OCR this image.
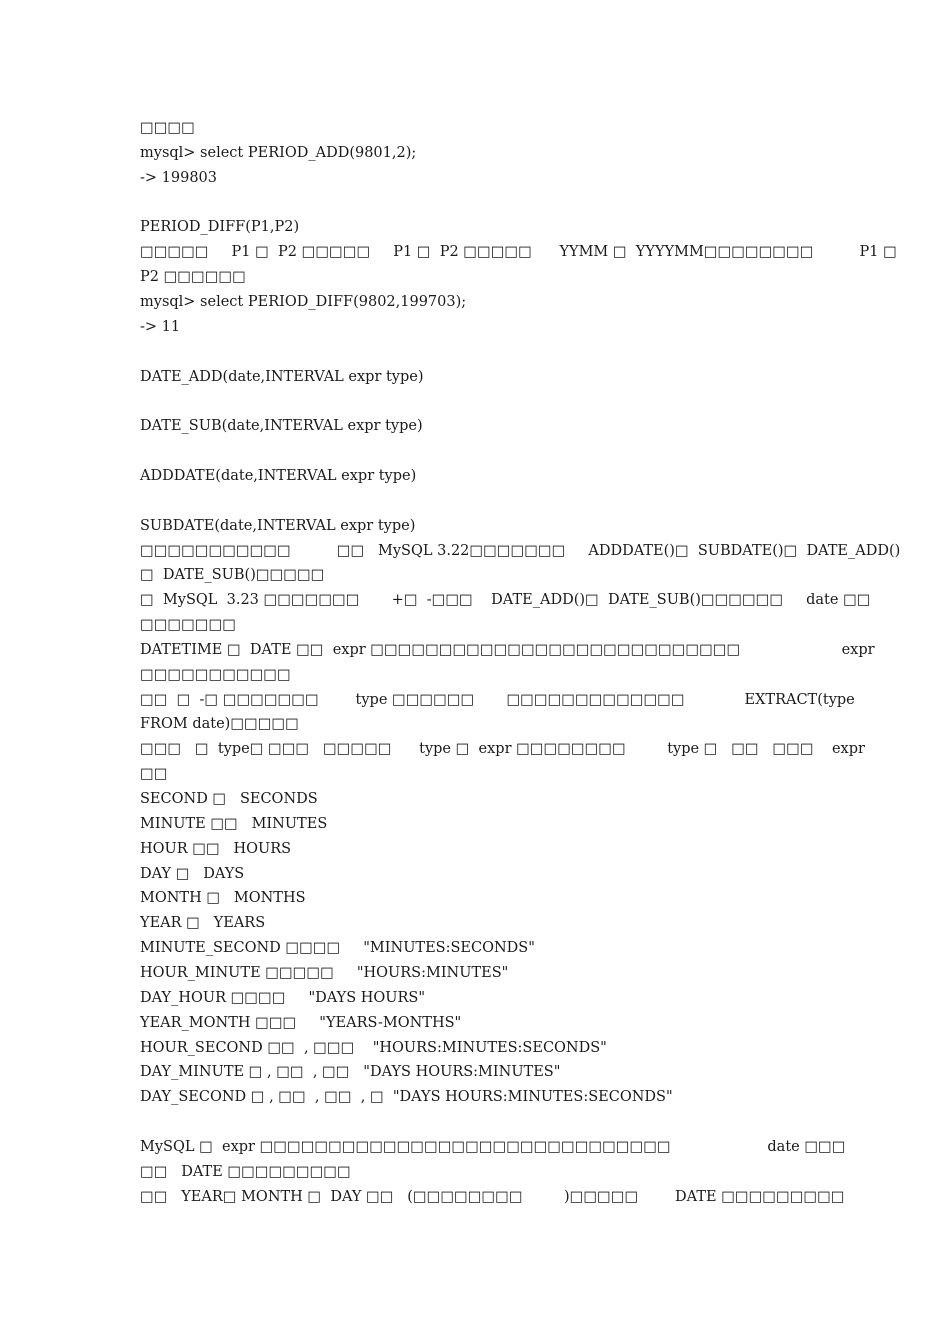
□□□□
mysql> select PERIOD_ADD(9801,2);
-> 199803
PERIOD_DIFF(P1,P2)
□□□□□     P1 □  P2 □□□□□     P1 □  P2 □□□□□      YYMM □  YYYYMM□□□□□□□□          P1 □
P2 □□□□□□
mysql> select PERIOD_DIFF(9802,199703);
-> 11
DATE_ADD(date,INTERVAL expr type)
DATE_SUB(date,INTERVAL expr type)
ADDDATE(date,INTERVAL expr type)
SUBDATE(date,INTERVAL expr type)
□□□□□□□□□□□          □□   MySQL 3.22□□□□□□□     ADDDATE()□  SUBDATE()□  DATE_ADD()
□  DATE_SUB()□□□□□
□  MySQL  3.23 □□□□□□□       +□  -□□□    DATE_ADD()□  DATE_SUB()□□□□□□     date □□
□□□□□□□
DATETIME □  DATE □□  expr □□□□□□□□□□□□□□□□□□□□□□□□□□□                      expr
□□□□□□□□□□□
□□  □  -□ □□□□□□□        type □□□□□□       □□□□□□□□□□□□□             EXTRACT(type
FROM date)□□□□□
□□□   □  type□ □□□   □□□□□      type □  expr □□□□□□□□         type □   □□   □□□    expr
□□
SECOND □   SECONDS
MINUTE □□   MINUTES
HOUR □□   HOURS
DAY □   DAYS
MONTH □   MONTHS
YEAR □   YEARS
MINUTE_SECOND □□□□     "MINUTES:SECONDS"
HOUR_MINUTE □□□□□     "HOURS:MINUTES"
DAY_HOUR □□□□     "DAYS HOURS"
YEAR_MONTH □□□     "YEARS-MONTHS"
HOUR_SECOND □□  , □□□    "HOURS:MINUTES:SECONDS"
DAY_MINUTE □ , □□  , □□   "DAYS HOURS:MINUTES"
DAY_SECOND □ , □□  , □□  , □  "DAYS HOURS:MINUTES:SECONDS"
MySQL □  expr □□□□□□□□□□□□□□□□□□□□□□□□□□□□□□                     date □□□
□□   DATE □□□□□□□□□
□□   YEAR□ MONTH □  DAY □□   (□□□□□□□□         )□□□□□        DATE □□□□□□□□□
